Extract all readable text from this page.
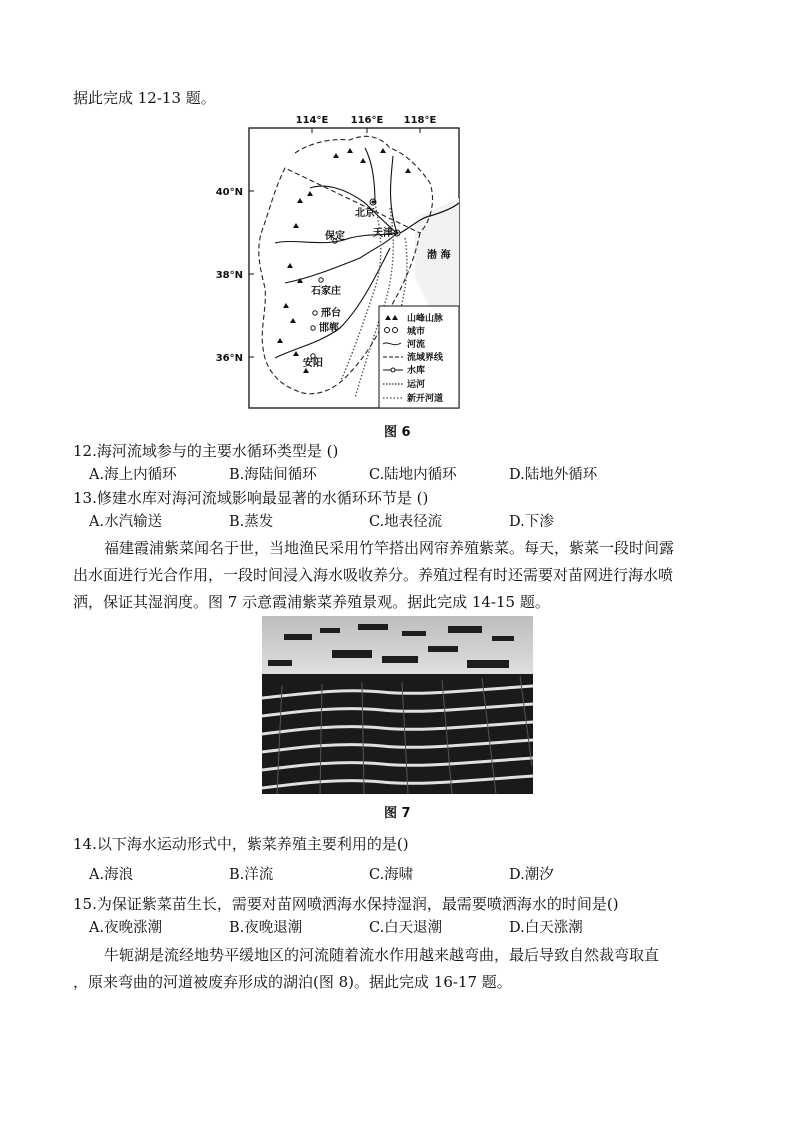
据此完成 12-13 题。
114°E 116°E 118°E
40°N
38°N
36°N
北京
天津
保定
石家庄
邢台
邯郸
安阳
渤 海
山峰山脉
城市
河流
流域界线
水库
运河
新开河道
图 6
12.海河流域参与的主要水循环类型是 ()
A.海上内循环	B.海陆间循环	C.陆地内循环	D.陆地外循环
13.修建水库对海河流域影响最显著的水循环环节是 ()
A.水汽输送	B.蒸发	C.地表径流	D.下渗
福建霞浦紫菜闻名于世，当地渔民采用竹竿搭出网帘养殖紫菜。每天，紫菜一段时间露
出水面进行光合作用，一段时间浸入海水吸收养分。养殖过程有时还需要对苗网进行海水喷
洒，保证其湿润度。图 7 示意霞浦紫菜养殖景观。据此完成 14-15 题。
图 7
14.以下海水运动形式中，紫菜养殖主要利用的是()
A.海浪	B.洋流	C.海啸	D.潮汐
15.为保证紫菜苗生长，需要对苗网喷洒海水保持湿润，最需要喷洒海水的时间是()
A.夜晚涨潮	B.夜晚退潮	C.白天退潮	D.白天涨潮
牛轭湖是流经地势平缓地区的河流随着流水作用越来越弯曲，最后导致自然裁弯取直
，原来弯曲的河道被废弃形成的湖泊(图 8)。据此完成 16-17 题。
